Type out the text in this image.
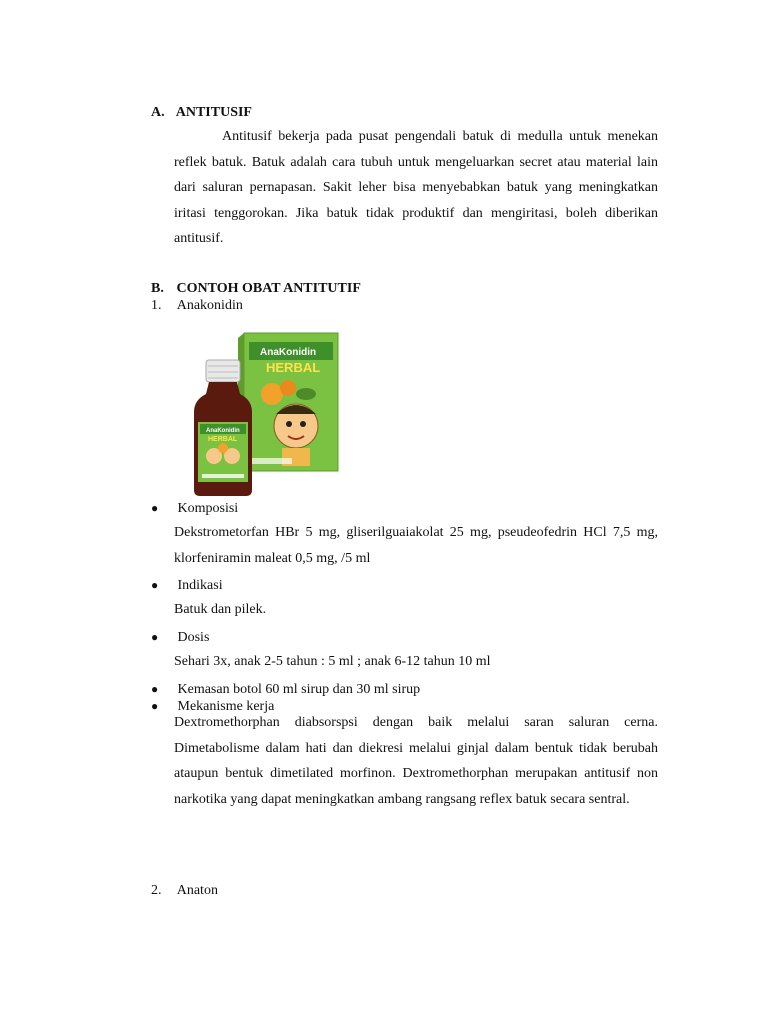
A. ANTITUSIF
Antitusif bekerja pada pusat pengendali batuk di medulla untuk menekan reflek batuk. Batuk adalah cara tubuh untuk mengeluarkan secret atau material lain dari saluran pernapasan. Sakit leher bisa menyebabkan batuk yang meningkatkan iritasi tenggorokan. Jika batuk tidak produktif dan mengiritasi, boleh diberikan antitusif.
B. CONTOH OBAT ANTITUTIF
1. Anakonidin
AnaKonidin
HERBAL
AnaKonidin
HERBAL
● Komposisi
Dekstrometorfan HBr 5 mg, gliserilguaiakolat 25 mg, pseudeofedrin HCl 7,5 mg, klorfeniramin maleat 0,5 mg, /5 ml
● Indikasi
Batuk dan pilek.
● Dosis
Sehari 3x, anak 2-5 tahun : 5 ml ; anak 6-12 tahun 10 ml
● Kemasan botol 60 ml sirup dan 30 ml sirup
● Mekanisme kerja
Dextromethorphan diabsorspsi dengan baik melalui saran saluran cerna. Dimetabolisme dalam hati dan diekresi melalui ginjal dalam bentuk tidak berubah ataupun bentuk dimetilated morfinon. Dextromethorphan merupakan antitusif non narkotika yang dapat meningkatkan ambang rangsang reflex batuk secara sentral.
2. Anaton
